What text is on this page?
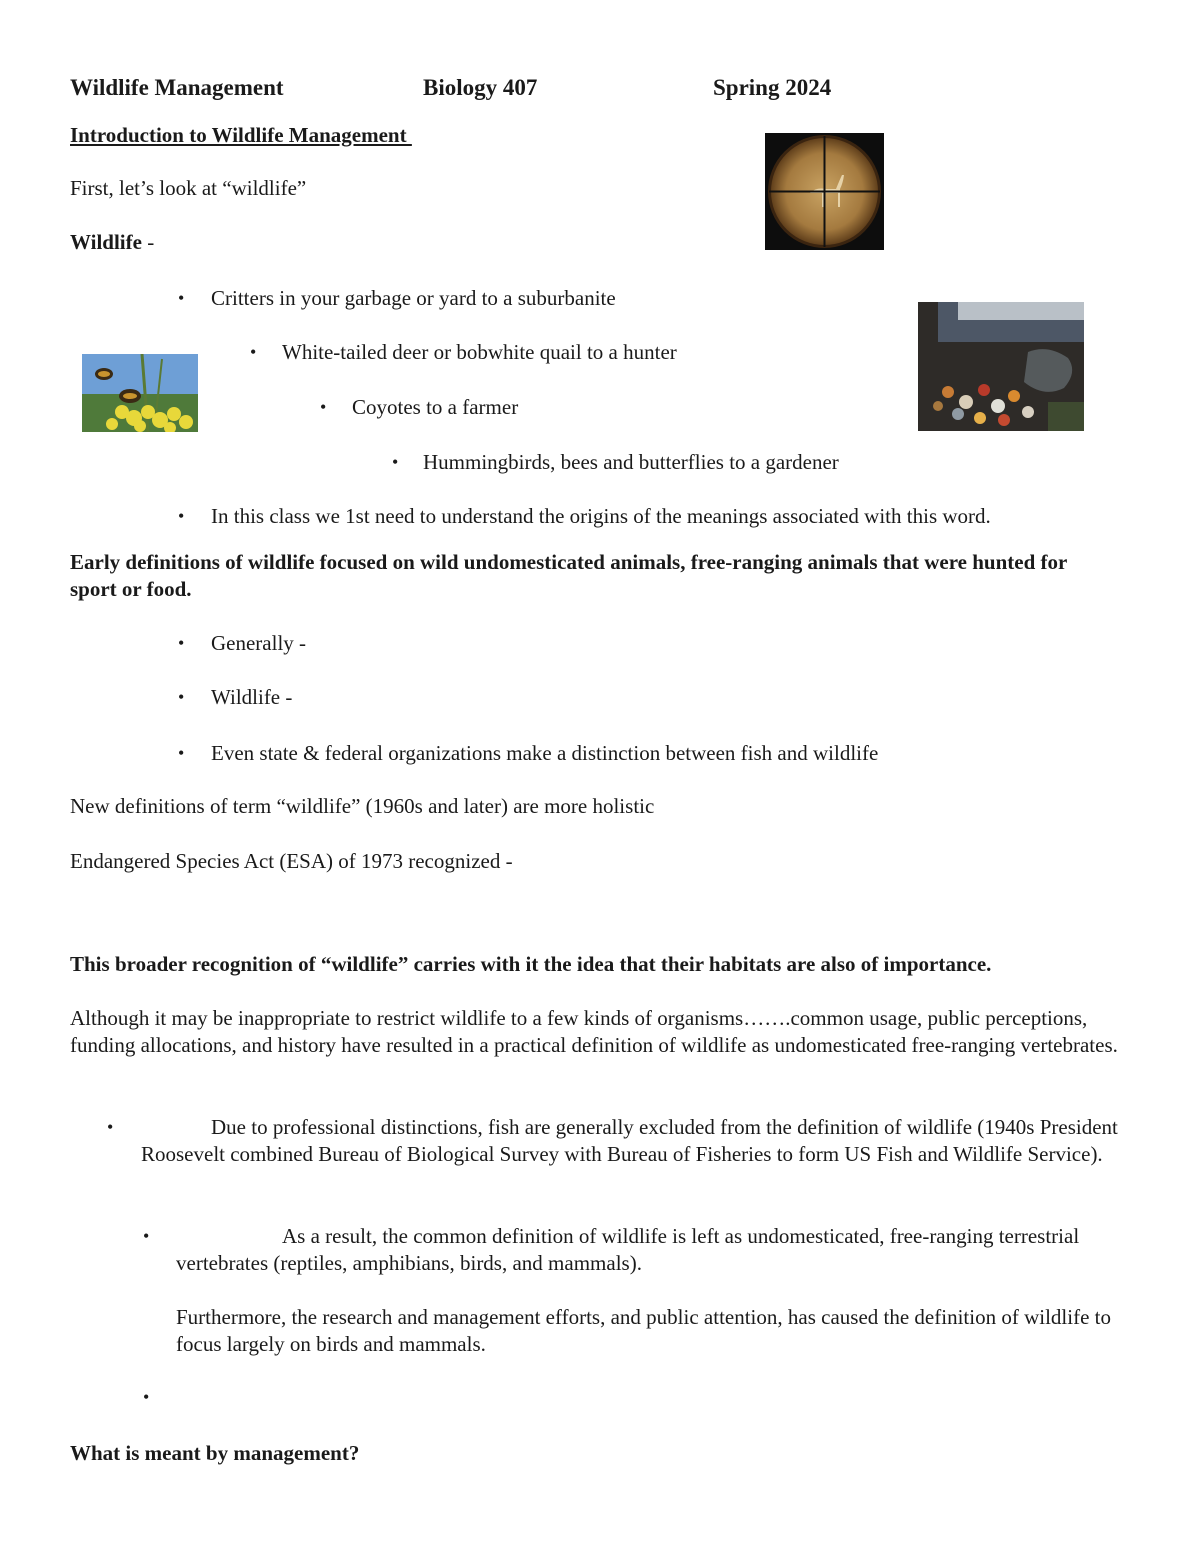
Wildlife Management	Biology 407	Spring 2024
Introduction to Wildlife Management
First, let’s look at “wildlife”
Wildlife -
• Critters in your garbage or yard to a suburbanite
• White-tailed deer or bobwhite quail to a hunter
• Coyotes to a farmer
• Hummingbirds, bees and butterflies to a gardener
• In this class we 1st need to understand the origins of the meanings associated with this word.
Early definitions of wildlife focused on wild undomesticated animals, free-ranging animals that were hunted for sport or food.
• Generally -
• Wildlife -
• Even state & federal organizations make a distinction between fish and wildlife
New definitions of term “wildlife” (1960s and later) are more holistic
Endangered Species Act (ESA) of 1973 recognized -
This broader recognition of “wildlife” carries with it the idea that their habitats are also of importance.
Although it may be inappropriate to restrict wildlife to a few kinds of organisms…….common usage, public perceptions, funding allocations, and history have resulted in a practical definition of wildlife as undomesticated free-ranging vertebrates.
•	Due to professional distinctions, fish are generally excluded from the definition of wildlife (1940s President Roosevelt combined Bureau of Biological Survey with Bureau of Fisheries to form US Fish and Wildlife Service).
•	As a result, the common definition of wildlife is left as undomesticated, free-ranging terrestrial vertebrates (reptiles, amphibians, birds, and mammals).
Furthermore, the research and management efforts, and public attention, has caused the definition of wildlife to focus largely on birds and mammals.
•
What is meant by management?
